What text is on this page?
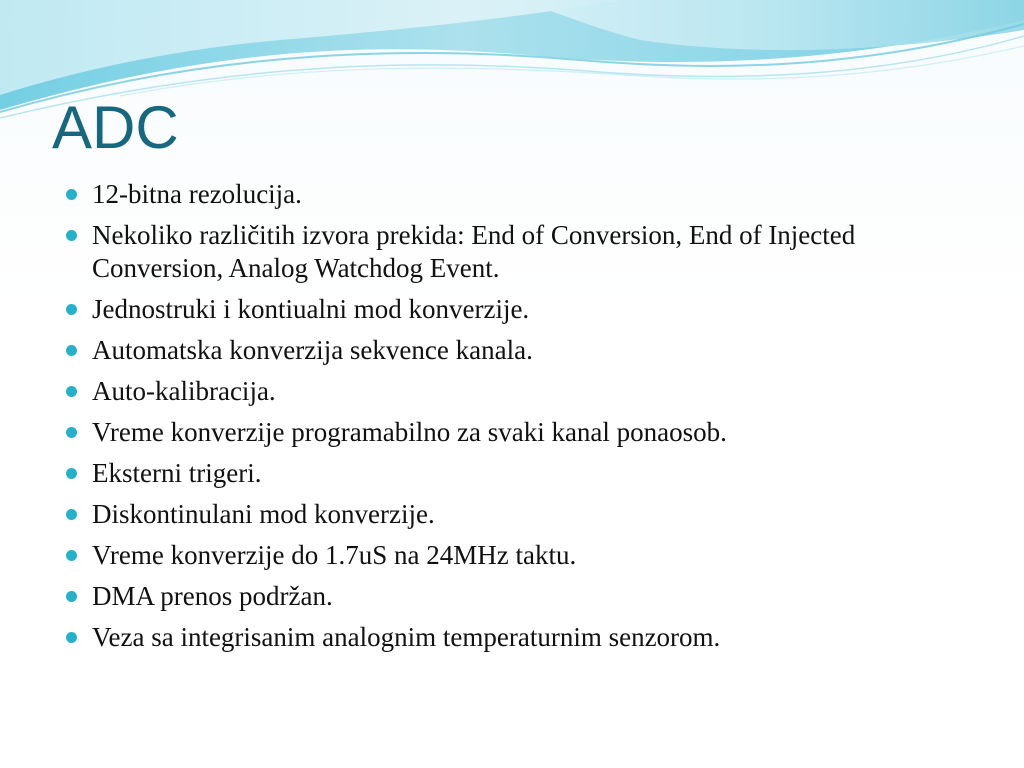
ADC
12-bitna rezolucija.
Nekoliko različitih izvora prekida: End of Conversion, End of Injected Conversion, Analog Watchdog Event.
Jednostruki i kontiualni mod konverzije.
Automatska konverzija sekvence kanala.
Auto-kalibracija.
Vreme konverzije programabilno za svaki kanal ponaosob.
Eksterni trigeri.
Diskontinulani mod konverzije.
Vreme konverzije do 1.7uS na 24MHz taktu.
DMA prenos podržan.
Veza sa integrisanim analognim temperaturnim senzorom.
